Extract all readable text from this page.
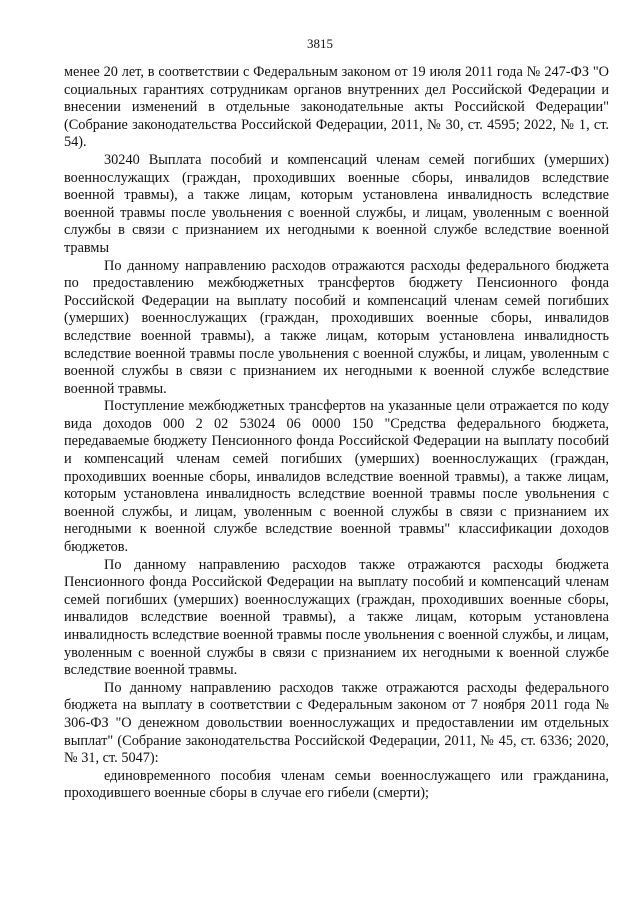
3815

менее 20 лет, в соответствии с Федеральным законом от 19 июля 2011 года № 247-ФЗ "О социальных гарантиях сотрудникам органов внутренних дел Российской Федерации и внесении изменений в отдельные законодательные акты Российской Федерации" (Собрание законодательства Российской Федерации, 2011, № 30, ст. 4595; 2022, № 1, ст. 54).

30240 Выплата пособий и компенсаций членам семей погибших (умерших) военнослужащих (граждан, проходивших военные сборы, инвалидов вследствие военной травмы), а также лицам, которым установлена инвалидность вследствие военной травмы после увольнения с военной службы, и лицам, уволенным с военной службы в связи с признанием их негодными к военной службе вследствие военной травмы

По данному направлению расходов отражаются расходы федерального бюджета по предоставлению межбюджетных трансфертов бюджету Пенсионного фонда Российской Федерации на выплату пособий и компенсаций членам семей погибших (умерших) военнослужащих (граждан, проходивших военные сборы, инвалидов вследствие военной травмы), а также лицам, которым установлена инвалидность вследствие военной травмы после увольнения с военной службы, и лицам, уволенным с военной службы в связи с признанием их негодными к военной службе вследствие военной травмы.

Поступление межбюджетных трансфертов на указанные цели отражается по коду вида доходов 000 2 02 53024 06 0000 150 "Средства федерального бюджета, передаваемые бюджету Пенсионного фонда Российской Федерации на выплату пособий и компенсаций членам семей погибших (умерших) военнослужащих (граждан, проходивших военные сборы, инвалидов вследствие военной травмы), а также лицам, которым установлена инвалидность вследствие военной травмы после увольнения с военной службы, и лицам, уволенным с военной службы в связи с признанием их негодными к военной службе вследствие военной травмы" классификации доходов бюджетов.

По данному направлению расходов также отражаются расходы бюджета Пенсионного фонда Российской Федерации на выплату пособий и компенсаций членам семей погибших (умерших) военнослужащих (граждан, проходивших военные сборы, инвалидов вследствие военной травмы), а также лицам, которым установлена инвалидность вследствие военной травмы после увольнения с военной службы, и лицам, уволенным с военной службы в связи с признанием их негодными к военной службе вследствие военной травмы.

По данному направлению расходов также отражаются расходы федерального бюджета на выплату в соответствии с Федеральным законом от 7 ноября 2011 года № 306-ФЗ "О денежном довольствии военнослужащих и предоставлении им отдельных выплат" (Собрание законодательства Российской Федерации, 2011, № 45, ст. 6336; 2020, № 31, ст. 5047):

единовременного пособия членам семьи военнослужащего или гражданина, проходившего военные сборы в случае его гибели (смерти);
